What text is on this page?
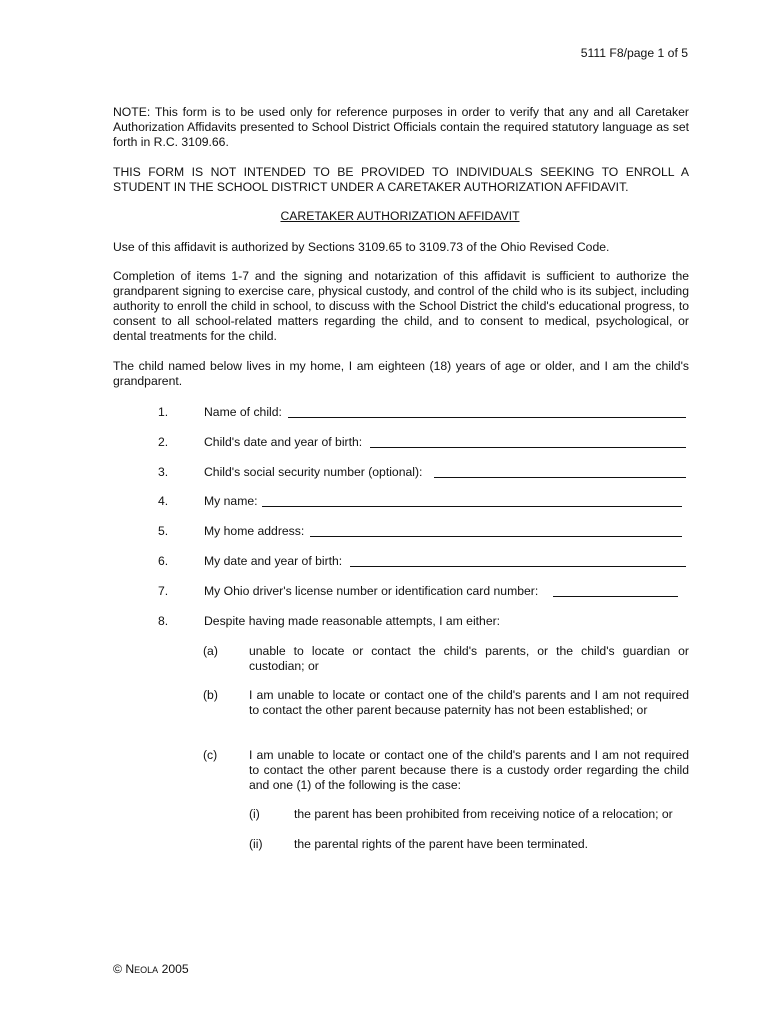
5111 F8/page 1 of 5
NOTE: This form is to be used only for reference purposes in order to verify that any and all Caretaker Authorization Affidavits presented to School District Officials contain the required statutory language as set forth in R.C. 3109.66.
THIS FORM IS NOT INTENDED TO BE PROVIDED TO INDIVIDUALS SEEKING TO ENROLL A STUDENT IN THE SCHOOL DISTRICT UNDER A CARETAKER AUTHORIZATION AFFIDAVIT.
CARETAKER AUTHORIZATION AFFIDAVIT
Use of this affidavit is authorized by Sections 3109.65 to 3109.73 of the Ohio Revised Code.
Completion of items 1-7 and the signing and notarization of this affidavit is sufficient to authorize the grandparent signing to exercise care, physical custody, and control of the child who is its subject, including authority to enroll the child in school, to discuss with the School District the child's educational progress, to consent to all school-related matters regarding the child, and to consent to medical, psychological, or dental treatments for the child.
The child named below lives in my home, I am eighteen (18) years of age or older, and I am the child's grandparent.
1.	Name of child:
2.	Child's date and year of birth:
3.	Child's social security number (optional):
4.	My name:
5.	My home address:
6.	My date and year of birth:
7.	My Ohio driver's license number or identification card number:
8.	Despite having made reasonable attempts, I am either:
(a)	unable to locate or contact the child's parents, or the child's guardian or custodian; or
(b)	I am unable to locate or contact one of the child's parents and I am not required to contact the other parent because paternity has not been established; or
(c)	I am unable to locate or contact one of the child's parents and I am not required to contact the other parent because there is a custody order regarding the child and one (1) of the following is the case:
(i)	the parent has been prohibited from receiving notice of a relocation; or
(ii)	the parental rights of the parent have been terminated.
© Neola 2005
